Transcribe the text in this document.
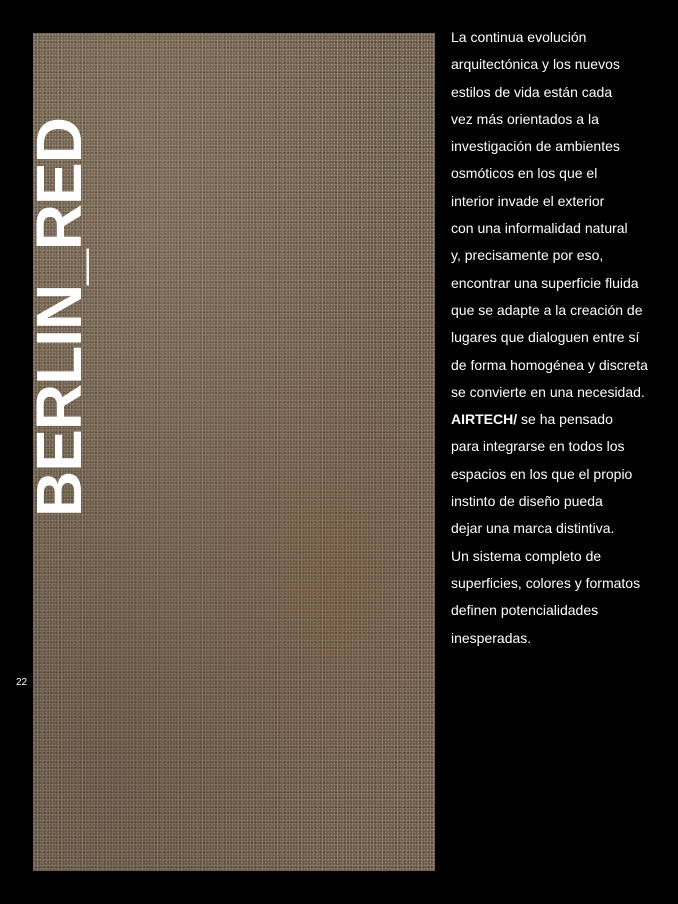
BERLIN_RED
22
La continua evolución
arquitectónica y los nuevos
estilos de vida están cada
vez más orientados a la
investigación de ambientes
osmóticos en los que el
interior invade el exterior
con una informalidad natural
y, precisamente por eso,
encontrar una superficie fluida
que se adapte a la creación de
lugares que dialoguen entre sí
de forma homogénea y discreta
se convierte en una necesidad.
AIRTECH/ se ha pensado
para integrarse en todos los
espacios en los que el propio
instinto de diseño pueda
dejar una marca distintiva.
Un sistema completo de
superficies, colores y formatos
definen potencialidades
inesperadas.
